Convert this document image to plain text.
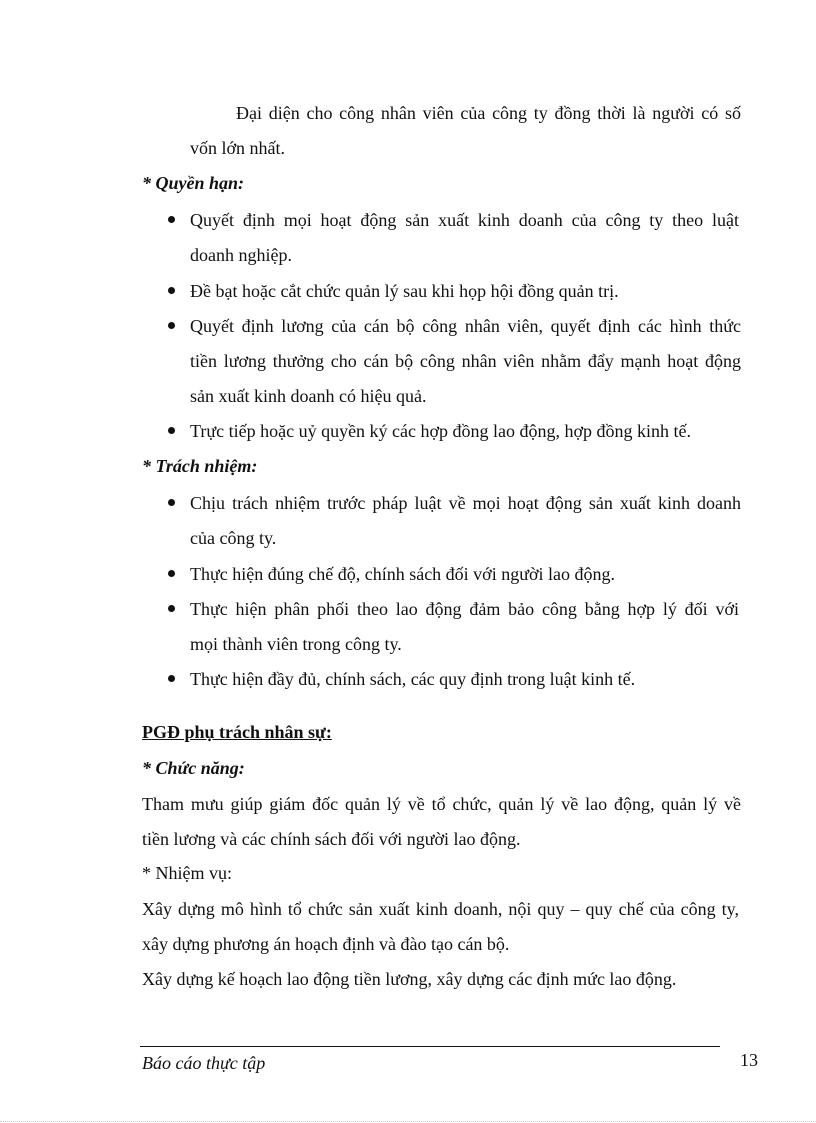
Đại diện cho công nhân viên của công ty đồng thời là người có số
vốn lớn nhất.
* Quyền hạn:
Quyết định mọi hoạt động sản xuất kinh doanh của công ty theo luật
doanh nghiệp.
Đề bạt hoặc cắt chức quản lý sau khi họp hội đồng quản trị.
Quyết định lương của cán bộ công nhân viên, quyết định các hình thức
tiền lương thưởng cho cán bộ công nhân viên nhằm đẩy mạnh hoạt động
sản xuất kinh doanh có hiệu quả.
Trực tiếp hoặc uỷ quyền ký các hợp đồng lao động, hợp đồng kinh tế.
* Trách nhiệm:
Chịu trách nhiệm trước pháp luật về mọi hoạt động sản xuất kinh doanh
của công ty.
Thực hiện đúng chế độ, chính sách đối với người lao động.
Thực hiện phân phối theo lao động đảm bảo công bằng hợp lý đối với
mọi thành viên trong công ty.
Thực hiện đầy đủ, chính sách, các quy định trong luật kinh tế.
PGĐ phụ trách nhân sự:
* Chức năng:
Tham mưu giúp giám đốc quản lý về tổ chức, quản lý về lao động, quản lý về
tiền lương và các chính sách đối với người lao động.
* Nhiệm vụ:
Xây dựng mô hình tổ chức sản xuất kinh doanh, nội quy – quy chế của công ty,
xây dựng phương án hoạch định và đào tạo cán bộ.
Xây dựng kế hoạch lao động tiền lương, xây dựng các định mức lao động.
Báo cáo thực tập	13
